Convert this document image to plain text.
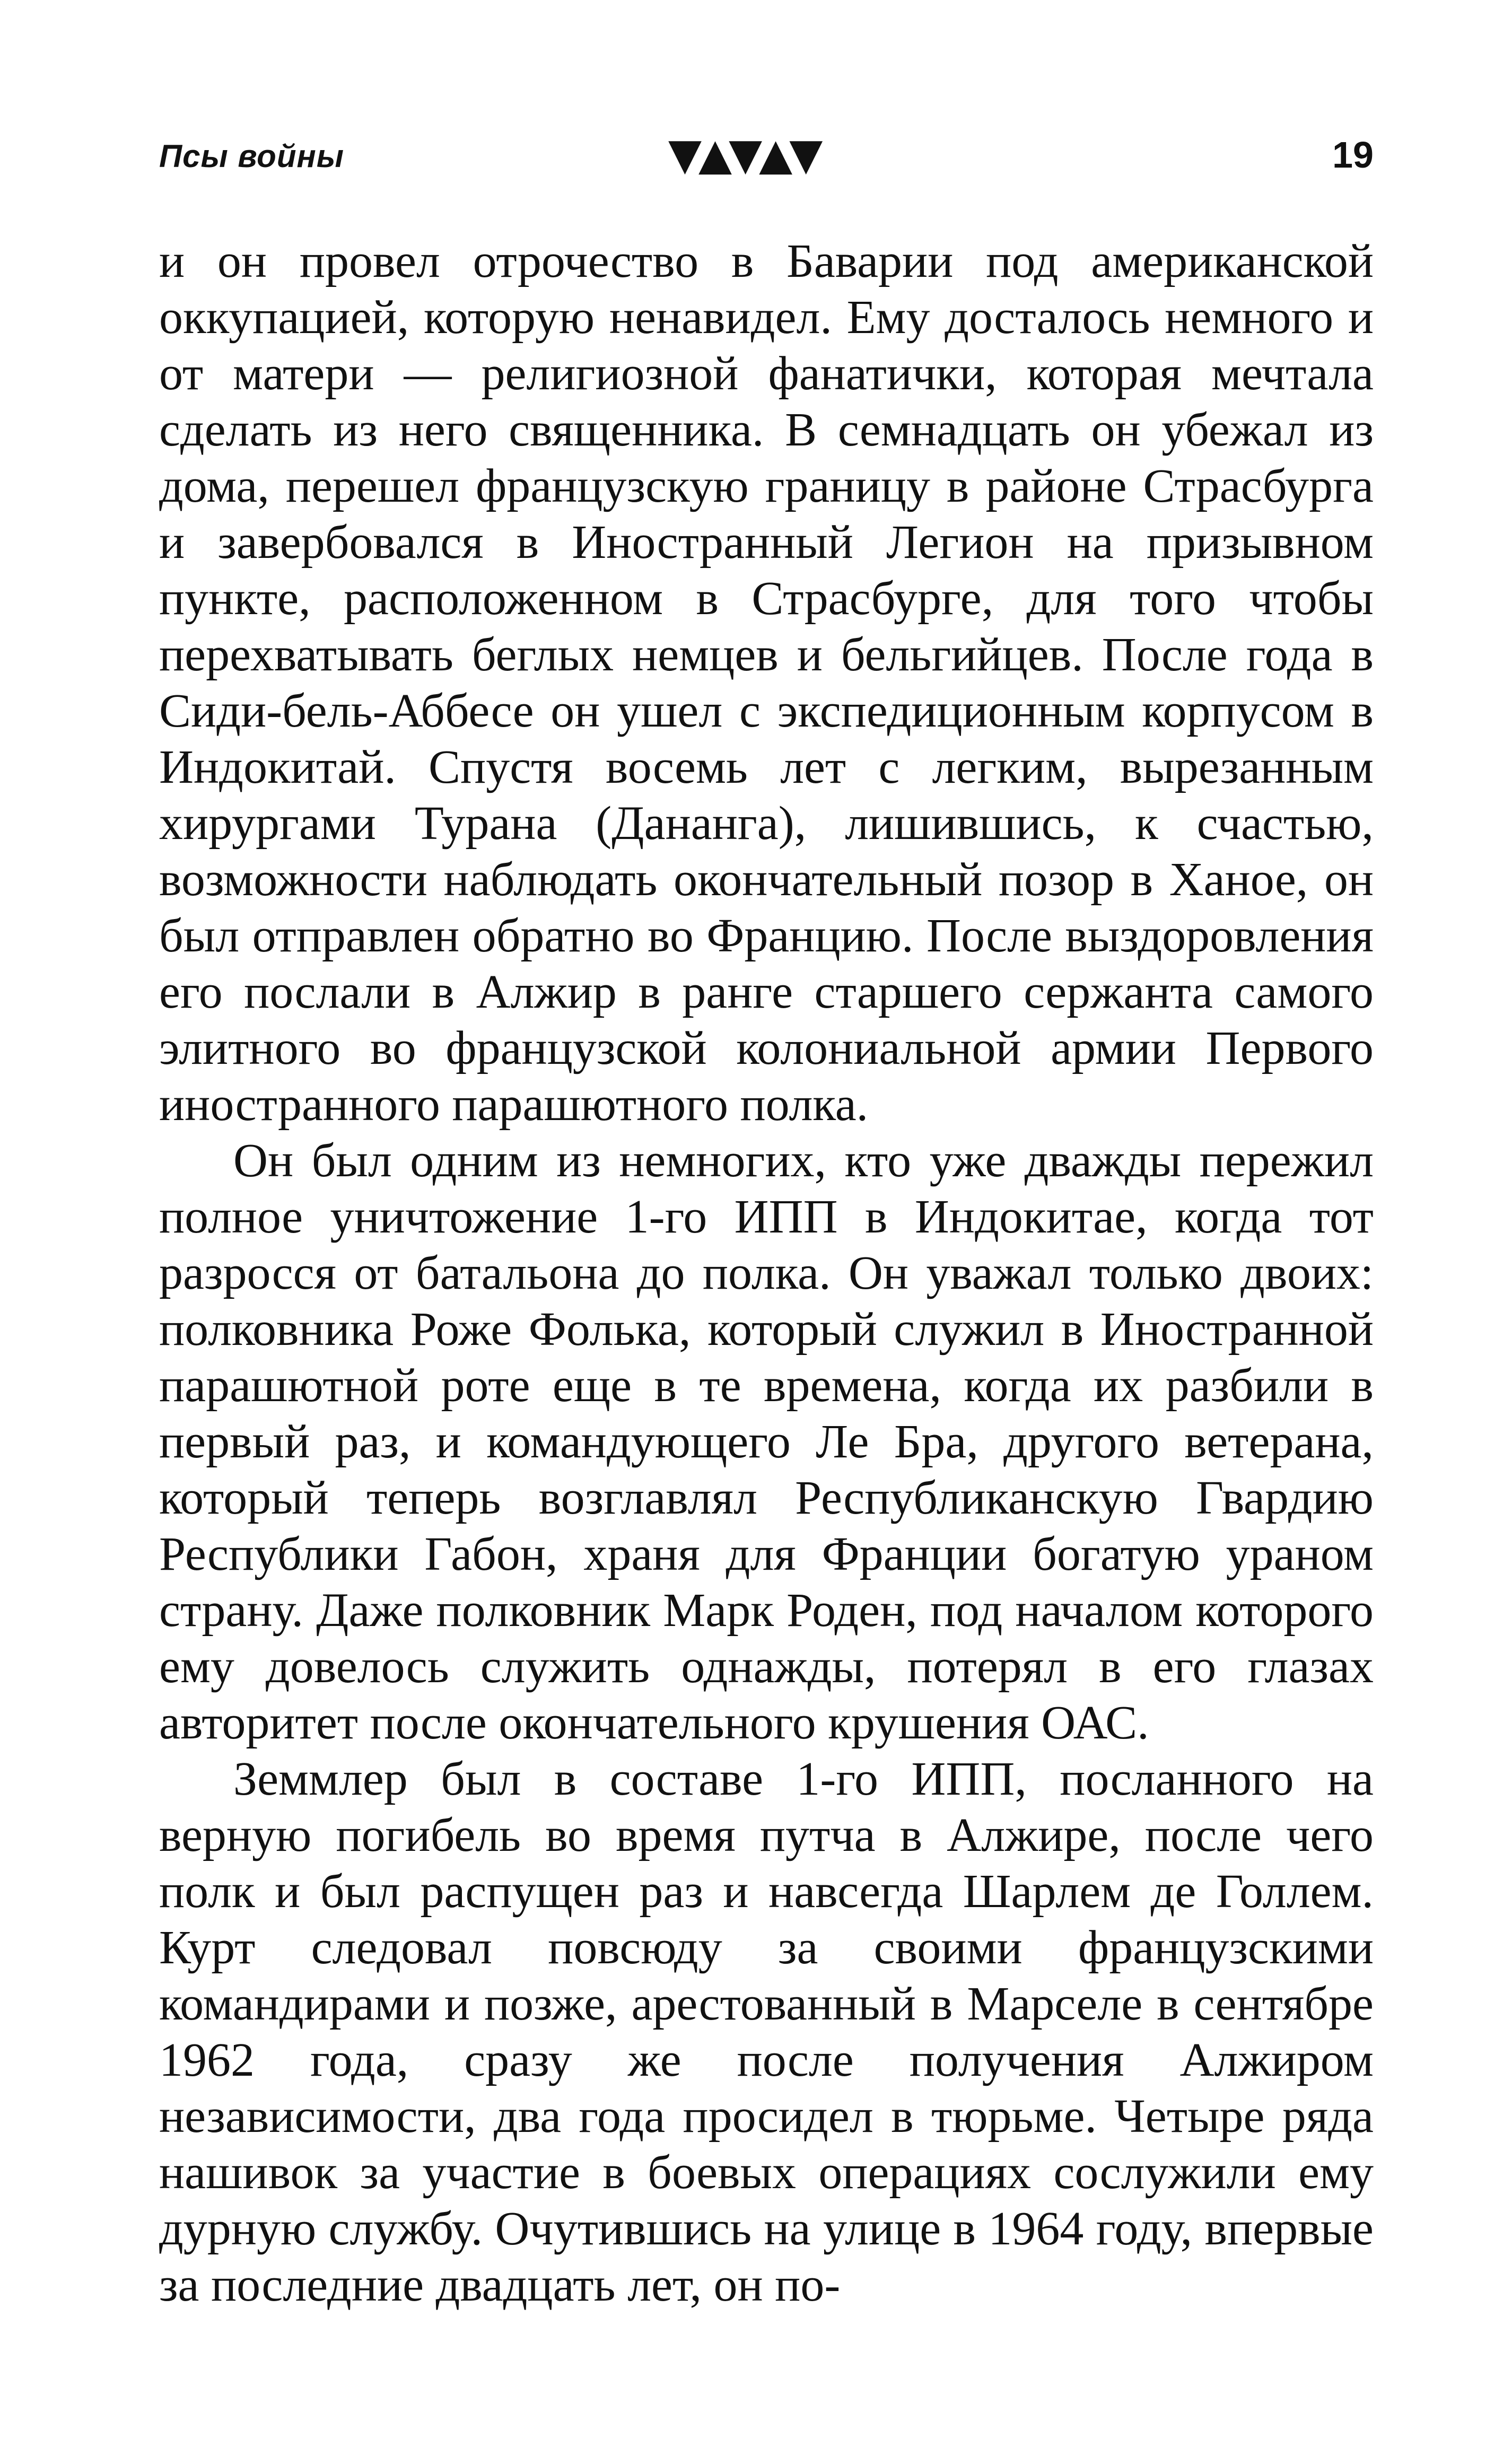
Псы войны	▼▲▼▲▼	19

и он провел отрочество в Баварии под американской оккупацией, которую ненавидел. Ему досталось немного и от матери — религиозной фанатички, которая мечтала сделать из него священника. В семнадцать он убежал из дома, перешел французскую границу в районе Страсбурга и завербовался в Иностранный Легион на призывном пункте, расположенном в Страсбурге, для того чтобы перехватывать беглых немцев и бельгийцев. После года в Сиди-бель-Аббесе он ушел с экспедиционным корпусом в Индокитай. Спустя восемь лет с легким, вырезанным хирургами Турана (Дананга), лишившись, к счастью, возможности наблюдать окончательный позор в Ханое, он был отправлен обратно во Францию. После выздоровления его послали в Алжир в ранге старшего сержанта самого элитного во французской колониальной армии Первого иностранного парашютного полка.

Он был одним из немногих, кто уже дважды пережил полное уничтожение 1-го ИПП в Индокитае, когда тот разросся от батальона до полка. Он уважал только двоих: полковника Роже Фолька, который служил в Иностранной парашютной роте еще в те времена, когда их разбили в первый раз, и командующего Ле Бра, другого ветерана, который теперь возглавлял Республиканскую Гвардию Республики Габон, храня для Франции богатую ураном страну. Даже полковник Марк Роден, под началом которого ему довелось служить однажды, потерял в его глазах авторитет после окончательного крушения ОАС.

Земмлер был в составе 1-го ИПП, посланного на верную погибель во время путча в Алжире, после чего полк и был распущен раз и навсегда Шарлем де Голлем. Курт следовал повсюду за своими французскими командирами и позже, арестованный в Марселе в сентябре 1962 года, сразу же после получения Алжиром независимости, два года просидел в тюрьме. Четыре ряда нашивок за участие в боевых операциях сослужили ему дурную службу. Очутившись на улице в 1964 году, впервые за последние двадцать лет, он по-
